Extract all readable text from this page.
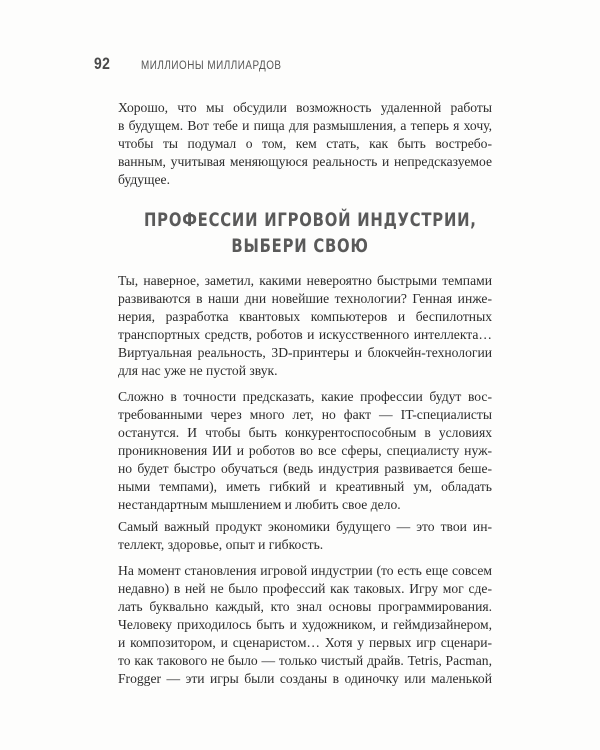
92	МИЛЛИОНЫ МИЛЛИАРДОВ
Хорошо, что мы обсудили возможность удаленной работы
в будущем. Вот тебе и пища для размышления, а теперь я хочу,
чтобы ты подумал о том, кем стать, как быть востребо-
ванным, учитывая меняющуюся реальность и непредсказуемое
будущее.
ПРОФЕССИИ ИГРОВОЙ ИНДУСТРИИ,
ВЫБЕРИ СВОЮ
Ты, наверное, заметил, какими невероятно быстрыми темпами
развиваются в наши дни новейшие технологии? Генная инже-
нерия, разработка квантовых компьютеров и беспилотных
транспортных средств, роботов и искусственного интеллекта…
Виртуальная реальность, 3D-принтеры и блокчейн-технологии
для нас уже не пустой звук.
Сложно в точности предсказать, какие профессии будут вос-
требованными через много лет, но факт — IT-специалисты
останутся. И чтобы быть конкурентоспособным в условиях
проникновения ИИ и роботов во все сферы, специалисту нуж-
но будет быстро обучаться (ведь индустрия развивается беше-
ными темпами), иметь гибкий и креативный ум, обладать
нестандартным мышлением и любить свое дело.
Самый важный продукт экономики будущего — это твои ин-
теллект, здоровье, опыт и гибкость.
На момент становления игровой индустрии (то есть еще совсем
недавно) в ней не было профессий как таковых. Игру мог сде-
лать буквально каждый, кто знал основы программирования.
Человеку приходилось быть и художником, и геймдизайнером,
и композитором, и сценаристом… Хотя у первых игр сценари-
то как такового не было — только чистый драйв. Tetris, Pacman,
Frogger — эти игры были созданы в одиночку или маленькой
